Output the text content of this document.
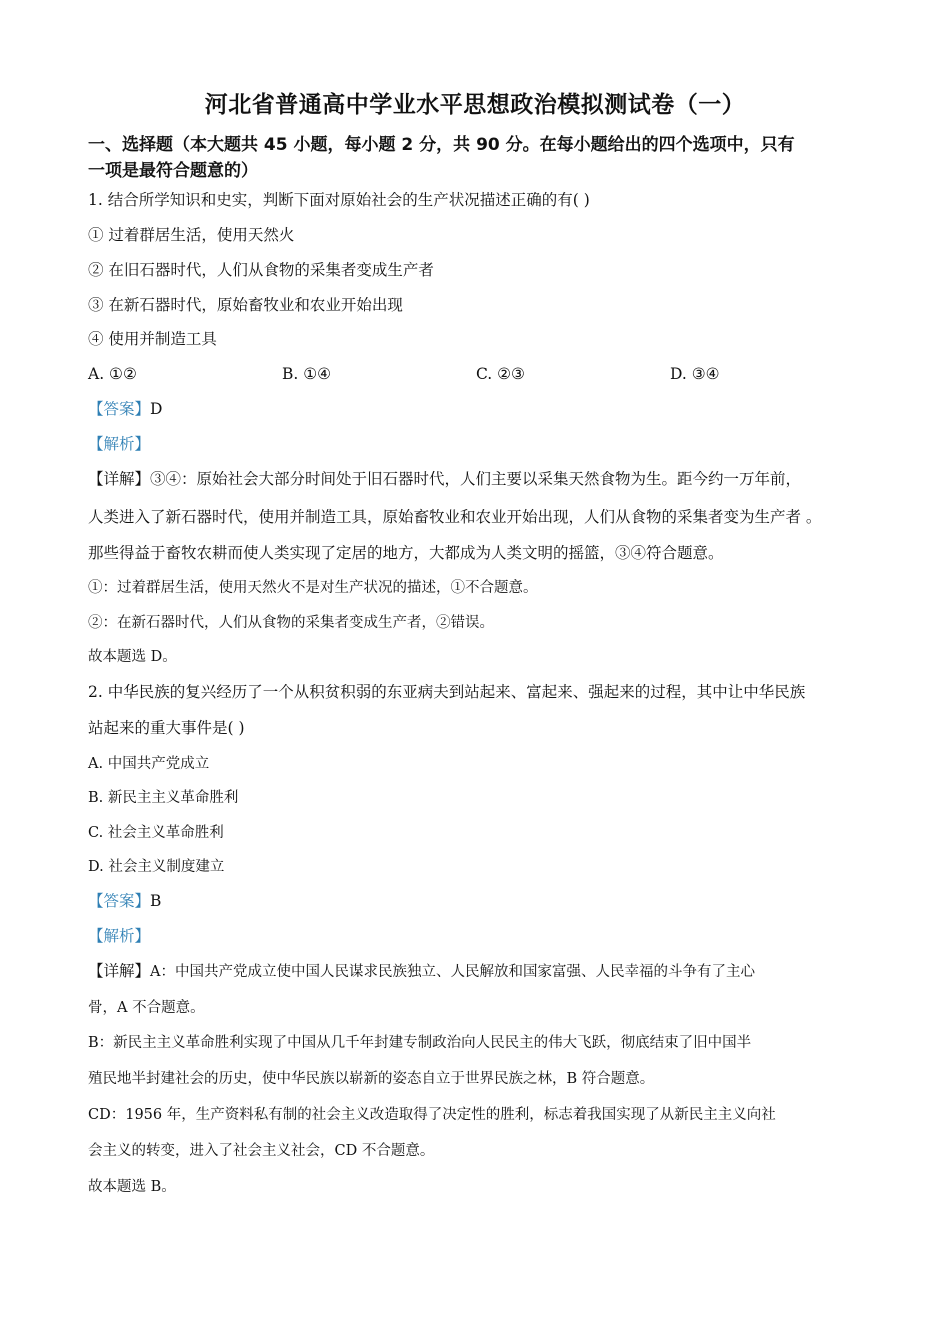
河北省普通高中学业水平思想政治模拟测试卷（一）
一、选择题（本大题共 45 小题，每小题 2 分，共 90 分。在每小题给出的四个选项中，只有
一项是最符合题意的）
1. 结合所学知识和史实，判断下面对原始社会的生产状况描述正确的有( )
① 过着群居生活，使用天然火
② 在旧石器时代，人们从食物的采集者变成生产者
③ 在新石器时代，原始畜牧业和农业开始出现
④ 使用并制造工具
A. ①②	B. ①④	C. ②③	D. ③④
【答案】D
【解析】
【详解】③④：原始社会大部分时间处于旧石器时代，人们主要以采集天然食物为生。距今约一万年前，
人类进入了新石器时代，使用并制造工具，原始畜牧业和农业开始出现，人们从食物的采集者变为生产者 。
那些得益于畜牧农耕而使人类实现了定居的地方，大都成为人类文明的摇篮，③④符合题意。
①：过着群居生活，使用天然火不是对生产状况的描述，①不合题意。
②：在新石器时代，人们从食物的采集者变成生产者，②错误。
故本题选 D。
2. 中华民族的复兴经历了一个从积贫积弱的东亚病夫到站起来、富起来、强起来的过程，其中让中华民族
站起来的重大事件是( )
A. 中国共产党成立
B. 新民主主义革命胜利
C. 社会主义革命胜利
D. 社会主义制度建立
【答案】B
【解析】
【详解】A：中国共产党成立使中国人民谋求民族独立、人民解放和国家富强、人民幸福的斗争有了主心
骨，A 不合题意。
B：新民主主义革命胜利实现了中国从几千年封建专制政治向人民民主的伟大飞跃，彻底结束了旧中国半
殖民地半封建社会的历史，使中华民族以崭新的姿态自立于世界民族之林，B 符合题意。
CD：1956 年，生产资料私有制的社会主义改造取得了决定性的胜利，标志着我国实现了从新民主主义向社
会主义的转变，进入了社会主义社会，CD 不合题意。
故本题选 B。
